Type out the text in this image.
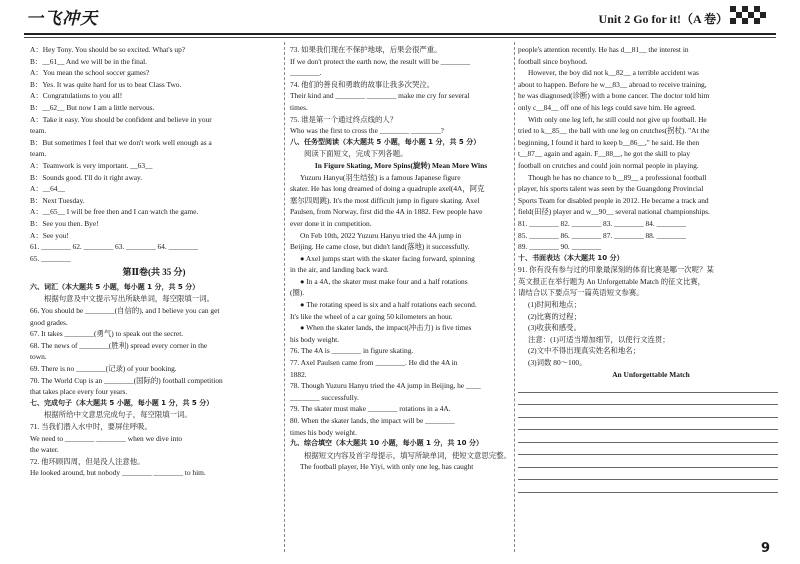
一飞冲天	Unit 2 Go for it!（A 卷）
A：Hey Tony. You should be so excited. What's up?
B：__61__ And we will be in the final.
A：You mean the school soccer games?
B：Yes. It was quite hard for us to beat Class Two.
A：Congratulations to you all!
B：__62__ But now I am a little nervous.
A：Take it easy. You should be confident and believe in your
team.
B：But sometimes I feel that we don't work well enough as a
team.
A：Teamwork is very important. __63__
B：Sounds good. I'll do it right away.
A：__64__
B：Next Tuesday.
A：__65__ I will be free then and I can watch the game.
B：See you then. Bye!
A：See you!
61. ________ 62. ________ 63. ________ 64. ________
65. ________
第Ⅱ卷(共 35 分)
六、词汇（本大题共 5 小题，每小题 1 分，共 5 分）
根据句意及中文提示写出所缺单词，每空限填一词。
66. You should be ________(自信的), and I believe you can get
good grades.
67. It takes ________(勇气) to speak out the secret.
68. The news of ________(胜利) spread every corner in the
town.
69. There is no ________(记录) of your booking.
70. The World Cup is an ________(国际的) football competition
that takes place every four years.
七、完成句子（本大题共 5 小题，每小题 1 分，共 5 分）
根据所给中文意思完成句子，每空限填一词。
71. 当我们潜入水中时，要屏住呼吸。
We need to ________ ________ when we dive into
the water.
72. 他环顾四周，但是没人注意他。
He looked around, but nobody ________ ________ to him.
73. 如果我们现在不保护地球，后果会很严重。
If we don't protect the earth now, the result will be ________
________.
74. 他们的善良和勇敢的故事让我多次哭泣。
Their kind and ________ ________ make me cry for several
times.
75. 谁是第一个通过终点线的人？
Who was the first to cross the ________ ________?
八、任务型阅读（本大题共 5 小题，每小题 1 分，共 5 分）
阅读下面短文，完成下列各题。
In Figure Skating, More Spins(旋转) Mean More Wins
Yuzuru Hanyu(羽生结弦) is a famous Japanese figure
skater. He has long dreamed of doing a quadruple axel(4A，阿克
塞尔四周跳). It's the most difficult jump in figure skating. Axel
Paulsen, from Norway, first did the 4A in 1882. Few people have
ever done it in competition.
On Feb 10th, 2022 Yuzuru Hanyu tried the 4A jump in
Beijing. He came close, but didn't land(落地) it successfully.
● Axel jumps start with the skater facing forward, spinning
in the air, and landing back ward.
● In a 4A, the skater must make four and a half rotations
(圈).
● The rotating speed is six and a half rotations each second.
It's like the wheel of a car going 50 kilometers an hour.
● When the skater lands, the impact(冲击力) is five times
his body weight.
76. The 4A is ________ in figure skating.
77. Axel Paulsen came from ________. He did the 4A in
1882.
78. Though Yuzuru Hanyu tried the 4A jump in Beijing, he ____
________ successfully.
79. The skater must make ________ rotations in a 4A.
80. When the skater lands, the impact will be ________
times his body weight.
九、综合填空（本大题共 10 小题，每小题 1 分，共 10 分）
根据短文内容及首字母提示，填写所缺单词，使短文意思完整。
The football player, He Yiyi, with only one leg, has caught
people's attention recently. He has d__81__ the interest in
football since boyhood.
However, the boy did not k__82__ a terrible accident was
about to happen. Before he w__83__ abroad to receive training,
he was diagnosed(诊断) with a bone cancer. The doctor told him
only c__84__ off one of his legs could save him. He agreed.
With only one leg left, he still could not give up football. He
tried to k__85__ the ball with one leg on crutches(拐杖). "At the
beginning, I found it hard to keep b__86__," he said. He then
t__87__ again and again. F__88__, he got the skill to play
football on crutches and could join normal people in playing.
Though he has no chance to b__89__ a professional football
player, his sports talent was seen by the Guangdong Provincial
Sports Team for disabled people in 2012. He became a track and
field(田径) player and w__90__ several national championships.
81. ________ 82. ________ 83. ________ 84. ________
85. ________ 86. ________ 87. ________ 88. ________
89. ________ 90. ________
十、书面表达（本大题共 10 分）
91. 你有没有参与过的印象最深刻的体育比赛是哪一次呢？某
英文报正在举行题为 An Unforgettable Match 的征文比赛，
请结合以下要点写一篇英语短文参赛。
(1)时间和地点；
(2)比赛的过程；
(3)收获和感受。
注意：(1)可适当增加细节，以使行文连贯；
(2)文中不得出现真实姓名和地名；
(3)词数 80～100。
An Unforgettable Match
9
